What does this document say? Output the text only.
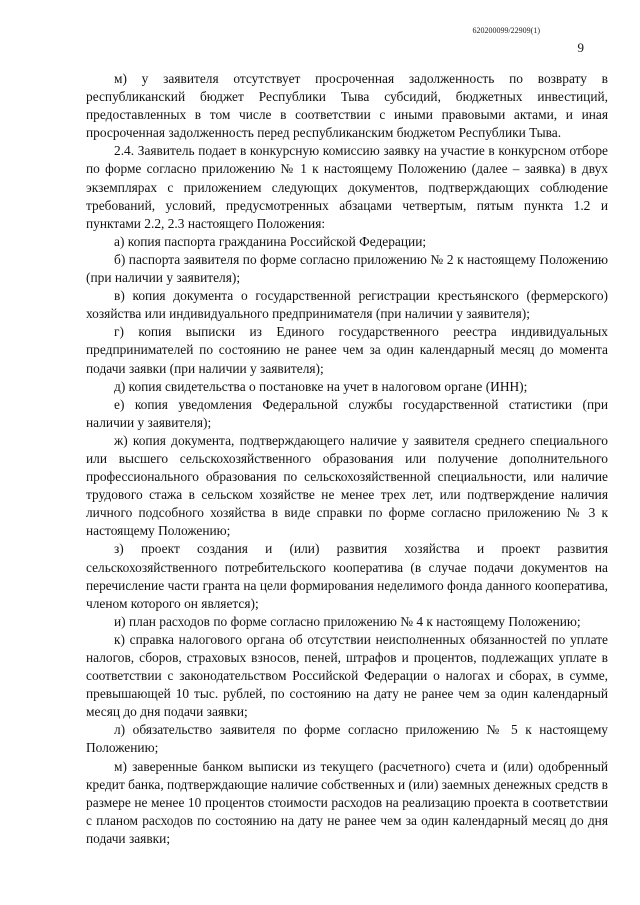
620200099/22909(1)
9

м) у заявителя отсутствует просроченная задолженность по возврату в республиканский бюджет Республики Тыва субсидий, бюджетных инвестиций, предоставленных в том числе в соответствии с иными правовыми актами, и иная просроченная задолженность перед республиканским бюджетом Республики Тыва.

2.4. Заявитель подает в конкурсную комиссию заявку на участие в конкурсном отборе по форме согласно приложению № 1 к настоящему Положению (далее – заявка) в двух экземплярах с приложением следующих документов, подтверждающих соблюдение требований, условий, предусмотренных абзацами четвертым, пятым пункта 1.2 и пунктами 2.2, 2.3 настоящего Положения:

а) копия паспорта гражданина Российской Федерации;

б) паспорта заявителя по форме согласно приложению № 2 к настоящему Положению (при наличии у заявителя);

в) копия документа о государственной регистрации крестьянского (фермерского) хозяйства или индивидуального предпринимателя (при наличии у заявителя);

г) копия выписки из Единого государственного реестра индивидуальных предпринимателей по состоянию не ранее чем за один календарный месяц до момента подачи заявки (при наличии у заявителя);

д) копия свидетельства о постановке на учет в налоговом органе (ИНН);

е) копия уведомления Федеральной службы государственной статистики (при наличии у заявителя);

ж) копия документа, подтверждающего наличие у заявителя среднего специального или высшего сельскохозяйственного образования или получение дополнительного профессионального образования по сельскохозяйственной специальности, или наличие трудового стажа в сельском хозяйстве не менее трех лет, или подтверждение наличия личного подсобного хозяйства в виде справки по форме согласно приложению № 3 к настоящему Положению;

з) проект создания и (или) развития хозяйства и проект развития сельскохозяйственного потребительского кооператива (в случае подачи документов на перечисление части гранта на цели формирования неделимого фонда данного кооператива, членом которого он является);

и) план расходов по форме согласно приложению № 4 к настоящему Положению;

к) справка налогового органа об отсутствии неисполненных обязанностей по уплате налогов, сборов, страховых взносов, пеней, штрафов и процентов, подлежащих уплате в соответствии с законодательством Российской Федерации о налогах и сборах, в сумме, превышающей 10 тыс. рублей, по состоянию на дату не ранее чем за один календарный месяц до дня подачи заявки;

л) обязательство заявителя по форме согласно приложению № 5 к настоящему Положению;

м) заверенные банком выписки из текущего (расчетного) счета и (или) одобренный кредит банка, подтверждающие наличие собственных и (или) заемных денежных средств в размере не менее 10 процентов стоимости расходов на реализацию проекта в соответствии с планом расходов по состоянию на дату не ранее чем за один календарный месяц до дня подачи заявки;
